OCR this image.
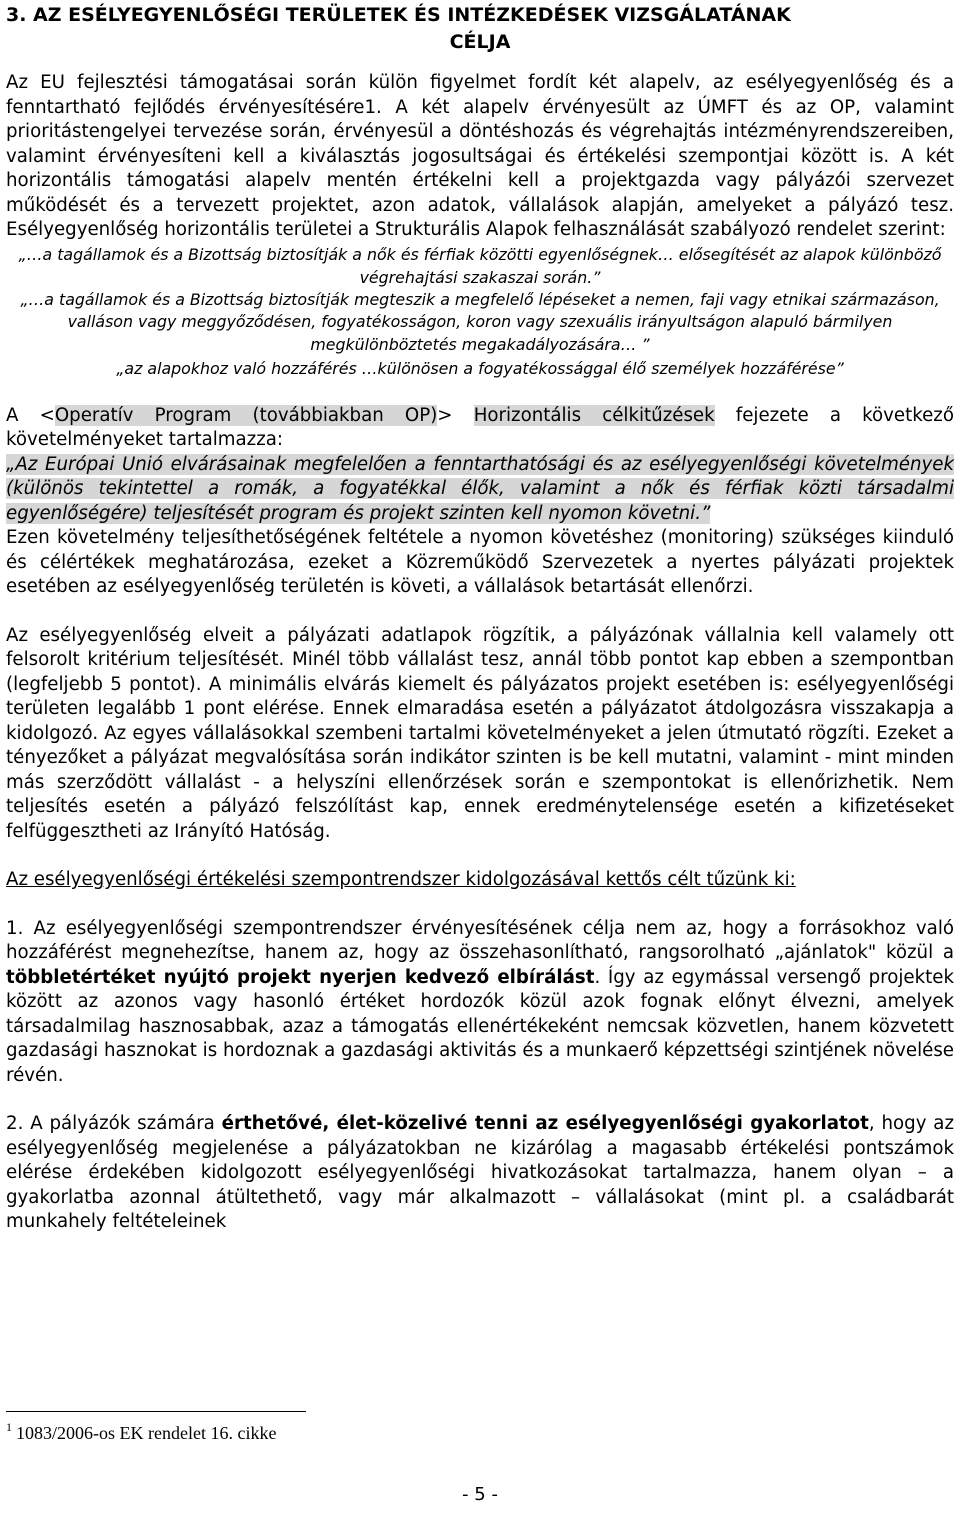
3. AZ ESÉLYEGYENLŐSÉGI TERÜLETEK ÉS INTÉZKEDÉSEK VIZSGÁLATÁNAK
CÉLJA

Az EU fejlesztési támogatásai során külön figyelmet fordít két alapelv, az esélyegyenlőség és a fenntartható fejlődés érvényesítésére1. A két alapelv érvényesült az ÚMFT és az OP, valamint prioritástengelyei tervezése során, érvényesül a döntéshozás és végrehajtás intézményrendszereiben, valamint érvényesíteni kell a kiválasztás jogosultságai és értékelési szempontjai között is. A két horizontális támogatási alapelv mentén értékelni kell a projektgazda vagy pályázói szervezet működését és a tervezett projektet, azon adatok, vállalások alapján, amelyeket a pályázó tesz. Esélyegyenlőség horizontális területei a Strukturális Alapok felhasználását szabályozó rendelet szerint:

„…a tagállamok és a Bizottság biztosítják a nők és férfiak közötti egyenlőségnek… elősegítését az alapok különböző végrehajtási szakaszai során.”

„…a tagállamok és a Bizottság biztosítják megteszik a megfelelő lépéseket a nemen, faji vagy etnikai származáson, valláson vagy meggyőződésen, fogyatékosságon, koron vagy szexuális irányultságon alapuló bármilyen megkülönböztetés megakadályozására… ”

„az alapokhoz való hozzáférés …különösen a fogyatékossággal élő személyek hozzáférése”

A <Operatív Program (továbbiakban OP)> Horizontális célkitűzések fejezete a következő követelményeket tartalmazza:

„Az Európai Unió elvárásainak megfelelően a fenntarthatósági és az esélyegyenlőségi követelmények (különös tekintettel a romák, a fogyatékkal élők, valamint a nők és férfiak közti társadalmi egyenlőségére) teljesítését program és projekt szinten kell nyomon követni.”

Ezen követelmény teljesíthetőségének feltétele a nyomon követéshez (monitoring) szükséges kiinduló és célértékek meghatározása, ezeket a Közreműködő Szervezetek a nyertes pályázati projektek esetében az esélyegyenlőség területén is követi, a vállalások betartását ellenőrzi.

Az esélyegyenlőség elveit a pályázati adatlapok rögzítik, a pályázónak vállalnia kell valamely ott felsorolt kritérium teljesítését. Minél több vállalást tesz, annál több pontot kap ebben a szempontban (legfeljebb 5 pontot). A minimális elvárás kiemelt és pályázatos projekt esetében is: esélyegyenlőségi területen legalább 1 pont elérése. Ennek elmaradása esetén a pályázatot átdolgozásra visszakapja a kidolgozó. Az egyes vállalásokkal szembeni tartalmi követelményeket a jelen útmutató rögzíti. Ezeket a tényezőket a pályázat megvalósítása során indikátor szinten is be kell mutatni, valamint - mint minden más szerződött vállalást - a helyszíni ellenőrzések során e szempontokat is ellenőrizhetik. Nem teljesítés esetén a pályázó felszólítást kap, ennek eredménytelensége esetén a kifizetéseket felfüggesztheti az Irányító Hatóság.

Az esélyegyenlőségi értékelési szempontrendszer kidolgozásával kettős célt tűzünk ki:

1. Az esélyegyenlőségi szempontrendszer érvényesítésének célja nem az, hogy a forrásokhoz való hozzáférést megnehezítse, hanem az, hogy az összehasonlítható, rangsorolható „ajánlatok" közül a többletértéket nyújtó projekt nyerjen kedvező elbírálást. Így az egymással versengő projektek között az azonos vagy hasonló értéket hordozók közül azok fognak előnyt élvezni, amelyek társadalmilag hasznosabbak, azaz a támogatás ellenértékeként nemcsak közvetlen, hanem közvetett gazdasági hasznokat is hordoznak a gazdasági aktivitás és a munkaerő képzettségi szintjének növelése révén.

2. A pályázók számára érthetővé, élet-közelivé tenni az esélyegyenlőségi gyakorlatot, hogy az esélyegyenlőség megjelenése a pályázatokban ne kizárólag a magasabb értékelési pontszámok elérése érdekében kidolgozott esélyegyenlőségi hivatkozásokat tartalmazza, hanem olyan – a gyakorlatba azonnal átültethető, vagy már alkalmazott – vállalásokat (mint pl. a családbarát munkahely feltételeinek

$^1$ 1083/2006-os EK rendelet 16. cikke
- 5 -
